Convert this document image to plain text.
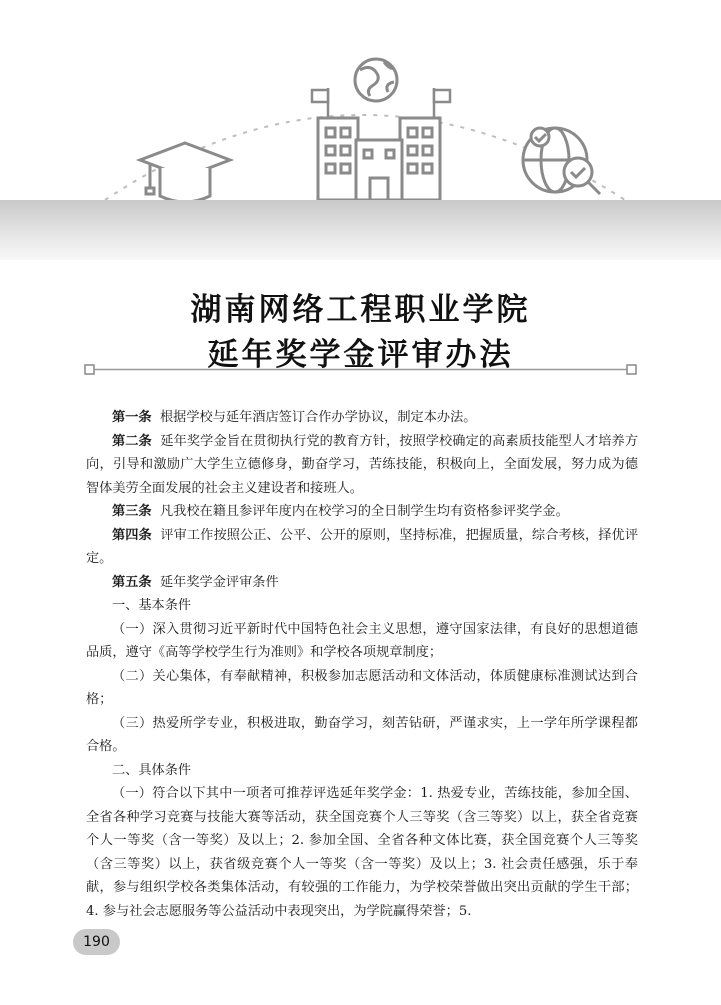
湖南网络工程职业学院
延年奖学金评审办法

第一条 根据学校与延年酒店签订合作办学协议，制定本办法。

第二条 延年奖学金旨在贯彻执行党的教育方针，按照学校确定的高素质技能型人才培养方向，引导和激励广大学生立德修身，勤奋学习，苦练技能，积极向上，全面发展，努力成为德智体美劳全面发展的社会主义建设者和接班人。

第三条 凡我校在籍且参评年度内在校学习的全日制学生均有资格参评奖学金。

第四条 评审工作按照公正、公平、公开的原则，坚持标准，把握质量，综合考核，择优评定。

第五条 延年奖学金评审条件

一、基本条件

（一）深入贯彻习近平新时代中国特色社会主义思想，遵守国家法律，有良好的思想道德品质，遵守《高等学校学生行为准则》和学校各项规章制度；

（二）关心集体，有奉献精神，积极参加志愿活动和文体活动，体质健康标准测试达到合格；

（三）热爱所学专业，积极进取，勤奋学习，刻苦钻研，严谨求实，上一学年所学课程都合格。

二、具体条件

（一）符合以下其中一项者可推荐评选延年奖学金：1. 热爱专业，苦练技能，参加全国、全省各种学习竞赛与技能大赛等活动，获全国竞赛个人三等奖（含三等奖）以上，获全省竞赛个人一等奖（含一等奖）及以上；2. 参加全国、全省各种文体比赛，获全国竞赛个人三等奖（含三等奖）以上，获省级竞赛个人一等奖（含一等奖）及以上；3. 社会责任感强，乐于奉献，参与组织学校各类集体活动，有较强的工作能力，为学校荣誉做出突出贡献的学生干部；4. 参与社会志愿服务等公益活动中表现突出，为学院赢得荣誉；5.

190
